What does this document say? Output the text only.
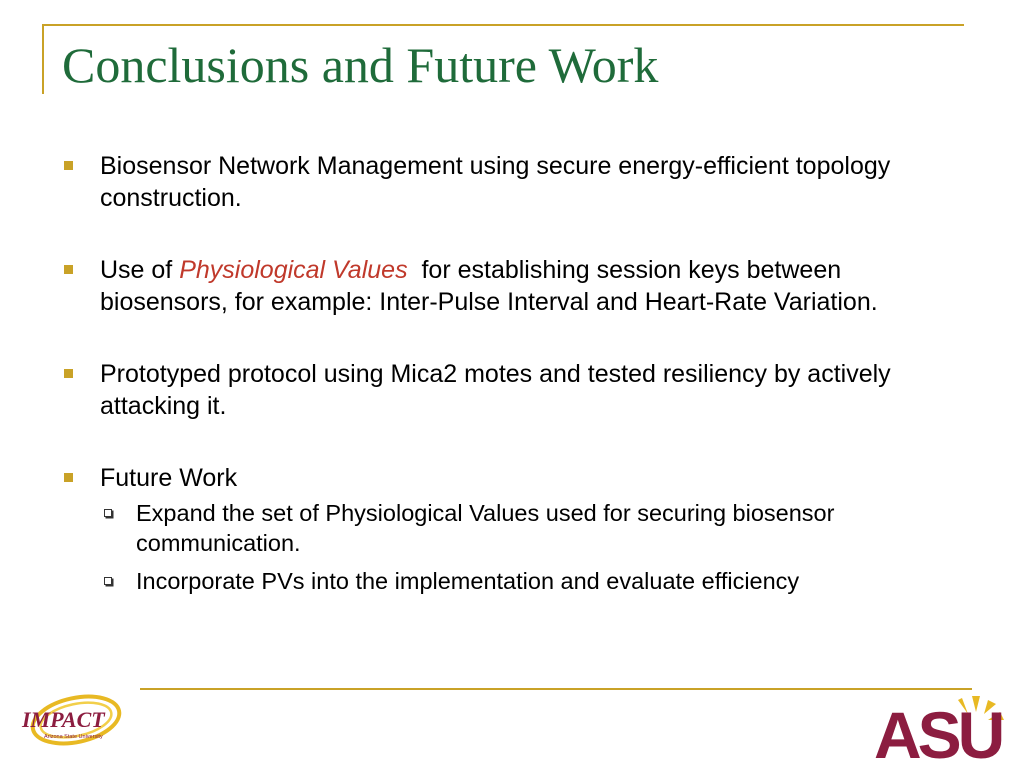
Conclusions and Future Work
Biosensor Network Management using secure energy-efficient topology construction.
Use of Physiological Values  for establishing session keys between biosensors, for example: Inter-Pulse Interval and Heart-Rate Variation.
Prototyped protocol using Mica2 motes and tested resiliency by actively attacking it.
Future Work
Expand the set of Physiological Values used for securing biosensor communication.
Incorporate PVs into the implementation and evaluate efficiency
IMPACT
Arizona State University	ASU
